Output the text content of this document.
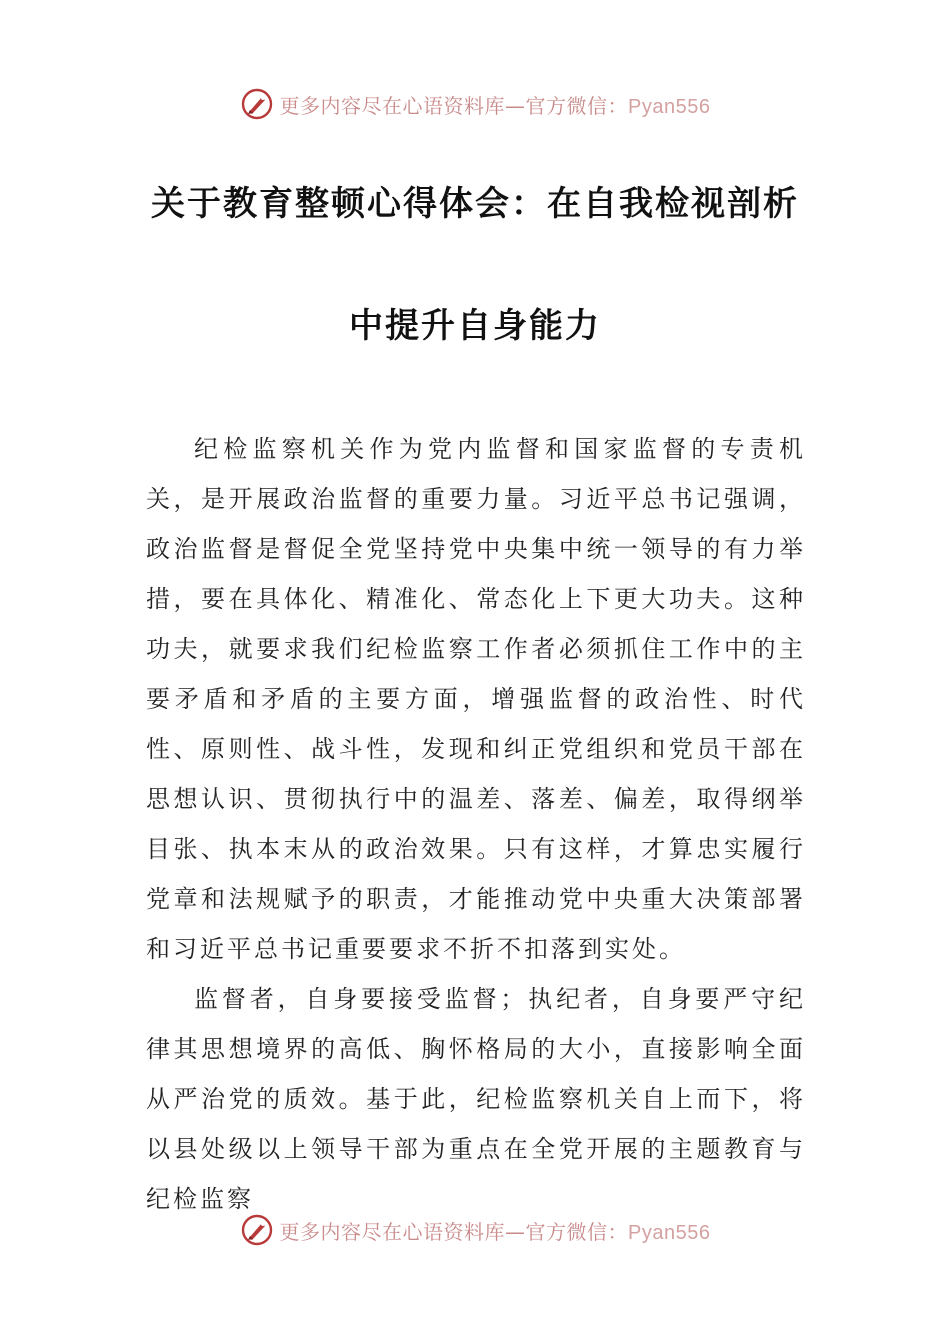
更多内容尽在心语资料库—官方微信：Pyan556
关于教育整顿心得体会：在自我检视剖析
中提升自身能力

纪检监察机关作为党内监督和国家监督的专责机关，是开展政治监督的重要力量。习近平总书记强调，政治监督是督促全党坚持党中央集中统一领导的有力举措，要在具体化、精准化、常态化上下更大功夫。这种功夫，就要求我们纪检监察工作者必须抓住工作中的主要矛盾和矛盾的主要方面，增强监督的政治性、时代性、原则性、战斗性，发现和纠正党组织和党员干部在思想认识、贯彻执行中的温差、落差、偏差，取得纲举目张、执本末从的政治效果。只有这样，才算忠实履行党章和法规赋予的职责，才能推动党中央重大决策部署和习近平总书记重要要求不折不扣落到实处。

监督者，自身要接受监督；执纪者，自身要严守纪律其思想境界的高低、胸怀格局的大小，直接影响全面从严治党的质效。基于此，纪检监察机关自上而下，将以县处级以上领导干部为重点在全党开展的主题教育与纪检监察

更多内容尽在心语资料库—官方微信：Pyan556
